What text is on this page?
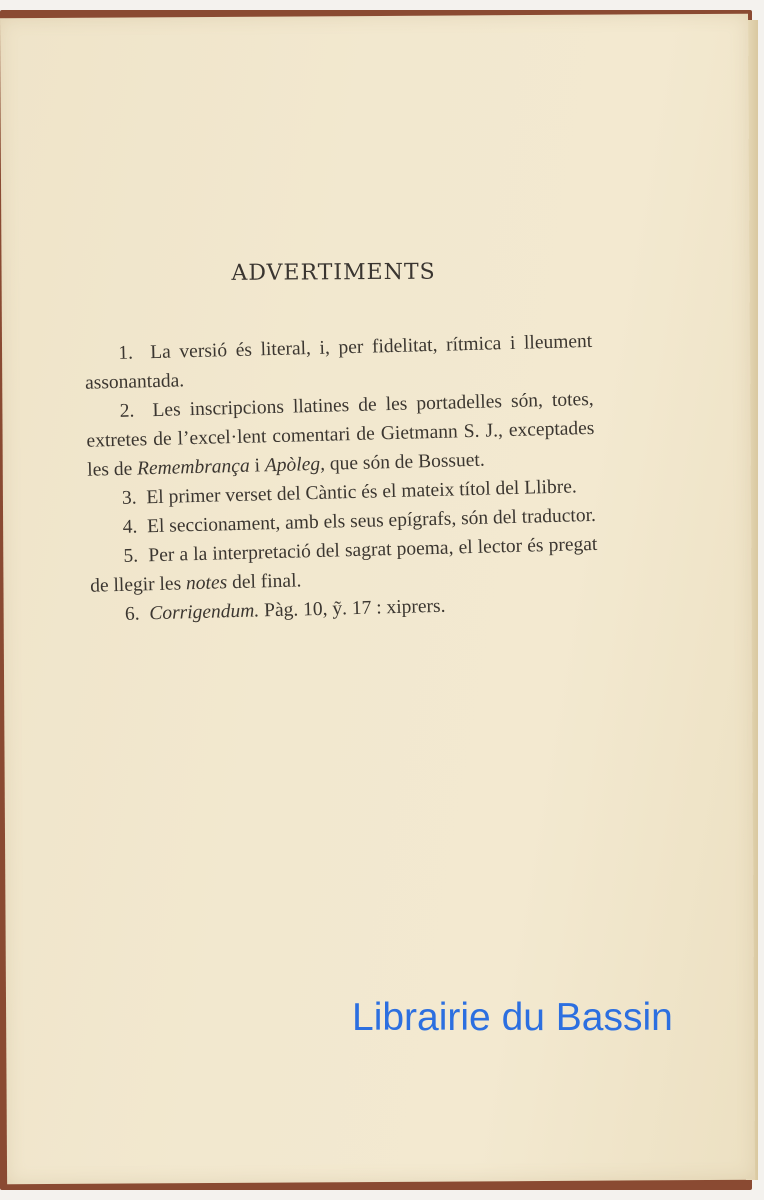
ADVERTIMENTS

1. La versió és literal, i, per fidelitat, rítmica i lleument assonantada.

2. Les inscripcions llatines de les portadelles són, totes, extretes de l’excel·lent comentari de Gietmann S. J., exceptades les de Remembrança i Apòleg, que són de Bossuet.

3. El primer verset del Càntic és el mateix títol del Llibre.

4. El seccionament, amb els seus epígrafs, són del traductor.

5. Per a la interpretació del sagrat poema, el lector és pregat de llegir les notes del final.

6. Corrigendum. Pàg. 10, ỹ. 17 : xiprers.

Librairie du Bassin
